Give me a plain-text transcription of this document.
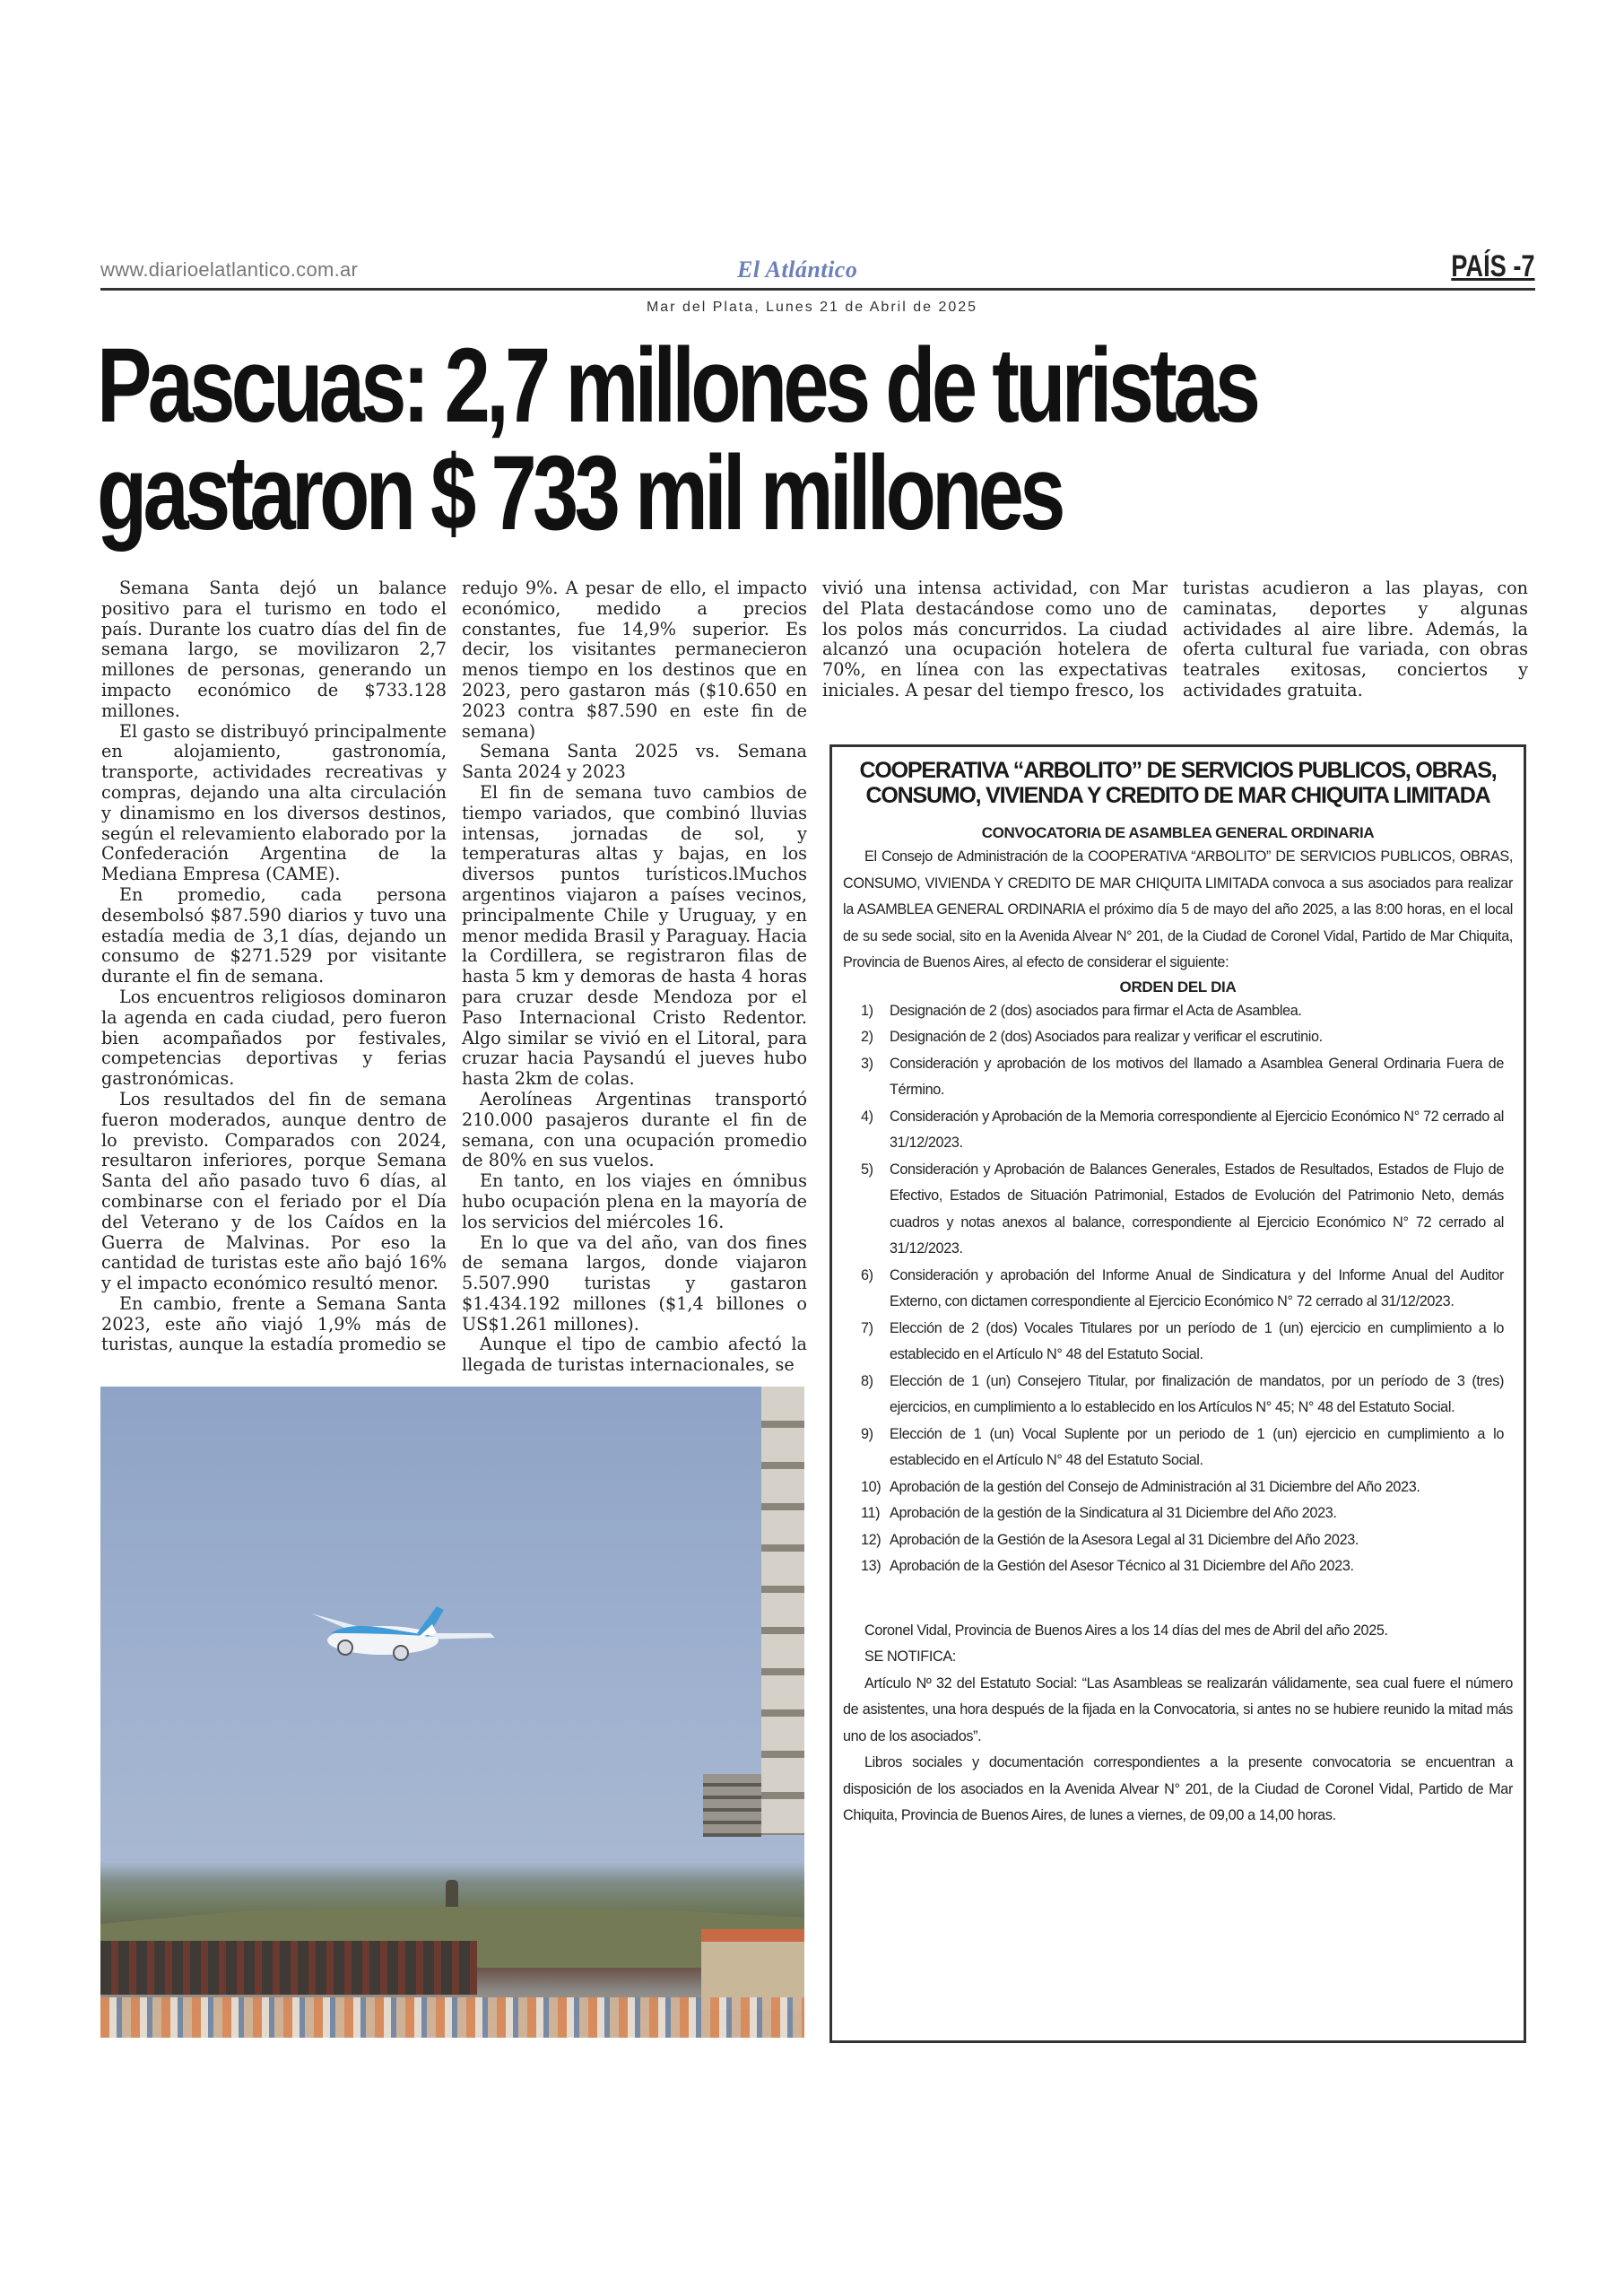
www.diarioelatlantico.com.ar	El Atlántico	PAÍS -7
Mar del Plata, Lunes 21 de Abril de 2025
Pascuas: 2,7 millones de turistas
gastaron $ 733 mil millones

Semana Santa dejó un balance positivo para el turismo en todo el país. Durante los cuatro días del fin de semana largo, se movilizaron 2,7 millones de personas, generando un impacto económico de $733.128 millones.

El gasto se distribuyó principalmente en alojamiento, gastronomía, transporte, actividades recreativas y compras, dejando una alta circulación y dinamismo en los diversos destinos, según el relevamiento elaborado por la Confederación Argentina de la Mediana Empresa (CAME).

En promedio, cada persona desembolsó $87.590 diarios y tuvo una estadía media de 3,1 días, dejando un consumo de $271.529 por visitante durante el fin de semana.

Los encuentros religiosos dominaron la agenda en cada ciudad, pero fueron bien acompañados por festivales, competencias deportivas y ferias gastronómicas.

Los resultados del fin de semana fueron moderados, aunque dentro de lo previsto. Comparados con 2024, resultaron inferiores, porque Semana Santa del año pasado tuvo 6 días, al combinarse con el feriado por el Día del Veterano y de los Caídos en la Guerra de Malvinas. Por eso la cantidad de turistas este año bajó 16% y el impacto económico resultó menor.

En cambio, frente a Semana Santa 2023, este año viajó 1,9% más de turistas, aunque la estadía promedio se

redujo 9%. A pesar de ello, el impacto económico, medido a precios constantes, fue 14,9% superior. Es decir, los visitantes permanecieron menos tiempo en los destinos que en 2023, pero gastaron más ($10.650 en 2023 contra $87.590 en este fin de semana)

Semana Santa 2025 vs. Semana Santa 2024 y 2023

El fin de semana tuvo cambios de tiempo variados, que combinó lluvias intensas, jornadas de sol, y temperaturas altas y bajas, en los diversos puntos turísticos.lMuchos argentinos viajaron a países vecinos, principalmente Chile y Uruguay, y en menor medida Brasil y Paraguay. Hacia la Cordillera, se registraron filas de hasta 5 km y demoras de hasta 4 horas para cruzar desde Mendoza por el Paso Internacional Cristo Redentor. Algo similar se vivió en el Litoral, para cruzar hacia Paysandú el jueves hubo hasta 2km de colas.

Aerolíneas Argentinas transportó 210.000 pasajeros durante el fin de semana, con una ocupación promedio de 80% en sus vuelos.

En tanto, en los viajes en ómnibus hubo ocupación plena en la mayoría de los servicios del miércoles 16.

En lo que va del año, van dos fines de semana largos, donde viajaron 5.507.990 turistas y gastaron $1.434.192 millones ($1,4 billones o US$1.261 millones).

Aunque el tipo de cambio afectó la llegada de turistas internacionales, se

vivió una intensa actividad, con Mar del Plata destacándose como uno de los polos más concurridos. La ciudad alcanzó una ocupación hotelera de 70%, en línea con las expectativas iniciales. A pesar del tiempo fresco, los

turistas acudieron a las playas, con caminatas, deportes y algunas actividades al aire libre. Además, la oferta cultural fue variada, con obras teatrales exitosas, conciertos y actividades gratuita.

COOPERATIVA “ARBOLITO” DE SERVICIOS PUBLICOS, OBRAS, CONSUMO, VIVIENDA Y CREDITO DE MAR CHIQUITA LIMITADA
CONVOCATORIA DE ASAMBLEA GENERAL ORDINARIA

El Consejo de Administración de la COOPERATIVA “ARBOLITO” DE SERVICIOS PUBLICOS, OBRAS, CONSUMO, VIVIENDA Y CREDITO DE MAR CHIQUITA LIMITADA convoca a sus asociados para realizar la ASAMBLEA GENERAL ORDINARIA el próximo día 5 de mayo del año 2025, a las 8:00 horas, en el local de su sede social, sito en la Avenida Alvear N° 201, de la Ciudad de Coronel Vidal, Partido de Mar Chiquita, Provincia de Buenos Aires, al efecto de considerar el siguiente:

ORDEN DEL DIA
1) Designación de 2 (dos) asociados para firmar el Acta de Asamblea.
2) Designación de 2 (dos) Asociados para realizar y verificar el escrutinio.
3) Consideración y aprobación de los motivos del llamado a Asamblea General Ordinaria Fuera de Término.
4) Consideración y Aprobación de la Memoria correspondiente al Ejercicio Económico N° 72 cerrado al 31/12/2023.
5) Consideración y Aprobación de Balances Generales, Estados de Resultados, Estados de Flujo de Efectivo, Estados de Situación Patrimonial, Estados de Evolución del Patrimonio Neto, demás cuadros y notas anexos al balance, correspondiente al Ejercicio Económico N° 72 cerrado al 31/12/2023.
6) Consideración y aprobación del Informe Anual de Sindicatura y del Informe Anual del Auditor Externo, con dictamen correspondiente al Ejercicio Económico N° 72 cerrado al 31/12/2023.
7) Elección de 2 (dos) Vocales Titulares por un período de 1 (un) ejercicio en cumplimiento a lo establecido en el Artículo N° 48 del Estatuto Social.
8) Elección de 1 (un) Consejero Titular, por finalización de mandatos, por un período de 3 (tres) ejercicios, en cumplimiento a lo establecido en los Artículos N° 45; N° 48 del Estatuto Social.
9) Elección de 1 (un) Vocal Suplente por un periodo de 1 (un) ejercicio en cumplimiento a lo establecido en el Artículo N° 48 del Estatuto Social.
10) Aprobación de la gestión del Consejo de Administración al 31 Diciembre del Año 2023.
11) Aprobación de la gestión de la Sindicatura al 31 Diciembre del Año 2023.
12) Aprobación de la Gestión de la Asesora Legal al 31 Diciembre del Año 2023.
13) Aprobación de la Gestión del Asesor Técnico al 31 Diciembre del Año 2023.

Coronel Vidal, Provincia de Buenos Aires a los 14 días del mes de Abril del año 2025.

SE NOTIFICA:

Artículo Nº 32 del Estatuto Social: “Las Asambleas se realizarán válidamente, sea cual fuere el número de asistentes, una hora después de la fijada en la Convocatoria, si antes no se hubiere reunido la mitad más uno de los asociados”.

Libros sociales y documentación correspondientes a la presente convocatoria se encuentran a disposición de los asociados en la Avenida Alvear N° 201, de la Ciudad de Coronel Vidal, Partido de Mar Chiquita, Provincia de Buenos Aires, de lunes a viernes, de 09,00 a 14,00 horas.
